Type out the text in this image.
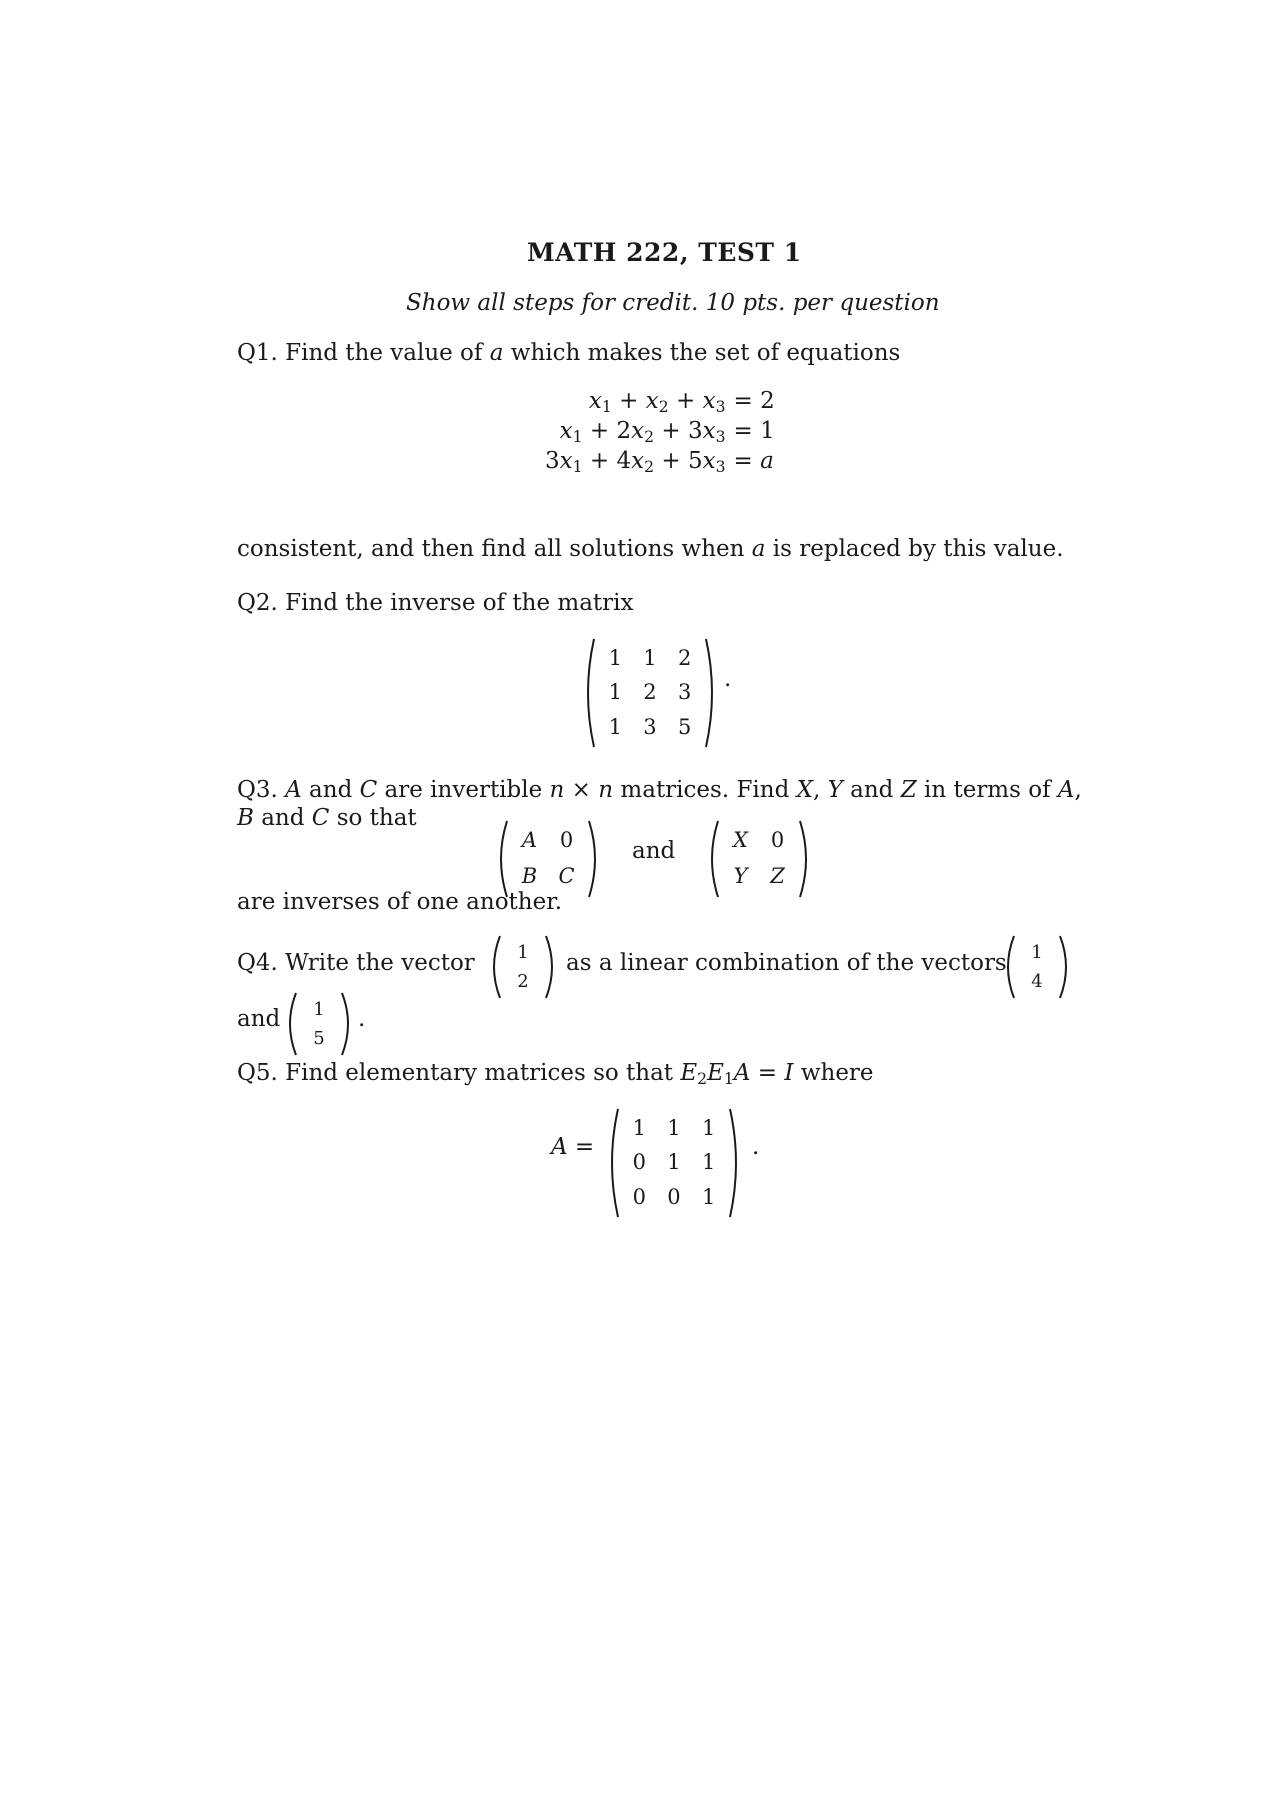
MATH 222, TEST 1
Show all steps for credit. 10 pts. per question
Q1. Find the value of a which makes the set of equations
$x_1 + x_2 + x_3$	= 2
$x_1 + 2x_2 + 3x_3$	= 1
$3x_1 + 4x_2 + 5x_3$	= a
consistent, and then find all solutions when a is replaced by this value.
Q2. Find the inverse of the matrix
1	1	2
1	2	3
1	3	5
.
Q3. A and C are invertible n × n matrices. Find X, Y and Z in terms of A,
B and C so that
A	0
B	C
and	X	0
Y	Z
are inverses of one another.
Q4. Write the vector	1
2
as a linear combination of the vectors	1
4
and	1
5
.
Q5. Find elementary matrices so that $E_2E_1A = I$ where
A =
1	1	1
0	1	1
0	0	1
.
